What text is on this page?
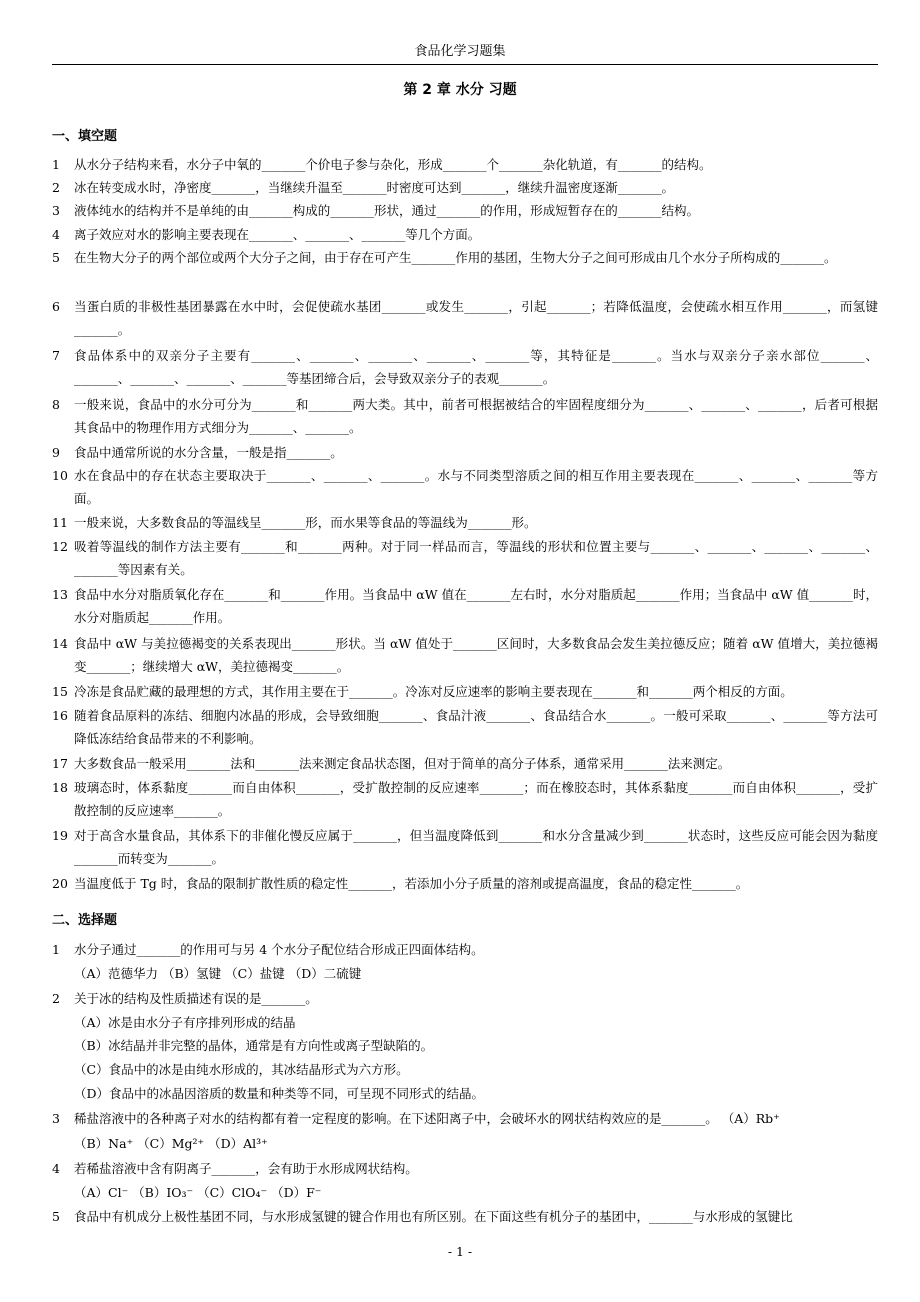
食品化学习题集
第 2 章 水分 习题
一、填空题
1	从水分子结构来看，水分子中氧的_______个价电子参与杂化，形成_______个_______杂化轨道，有_______的结构。
2	冰在转变成水时，净密度_______，当继续升温至_______时密度可达到_______，继续升温密度逐渐_______。
3	液体纯水的结构并不是单纯的由_______构成的_______形状，通过_______的作用，形成短暂存在的_______结构。
4	离子效应对水的影响主要表现在_______、_______、_______等几个方面。
5	在生物大分子的两个部位或两个大分子之间，由于存在可产生_______作用的基团，生物大分子之间可形成由几个水分子所构成的_______。
6	当蛋白质的非极性基团暴露在水中时，会促使疏水基团_______或发生_______，引起_______；若降低温度，会使疏水相互作用_______，而氢键_______。
7	食品体系中的双亲分子主要有_______、_______、_______、_______、_______等，其特征是_______。当水与双亲分子亲水部位_______、_______、_______、_______、_______等基团缔合后，会导致双亲分子的表观_______。
8	一般来说，食品中的水分可分为_______和_______两大类。其中，前者可根据被结合的牢固程度细分为_______、_______、_______，后者可根据其食品中的物理作用方式细分为_______、_______。
9	食品中通常所说的水分含量，一般是指_______。
10 水在食品中的存在状态主要取决于_______、_______、_______。水与不同类型溶质之间的相互作用主要表现在_______、_______、_______等方面。
11 一般来说，大多数食品的等温线呈_______形，而水果等食品的等温线为_______形。
12 吸着等温线的制作方法主要有_______和_______两种。对于同一样品而言，等温线的形状和位置主要与_______、_______、_______、_______、_______等因素有关。
13 食品中水分对脂质氧化存在_______和_______作用。当食品中 αW 值在_______左右时，水分对脂质起_______作用；当食品中 αW 值_______时，水分对脂质起_______作用。
14 食品中 αW 与美拉德褐变的关系表现出_______形状。当 αW 值处于_______区间时，大多数食品会发生美拉德反应；随着 αW 值增大，美拉德褐变_______；继续增大 αW，美拉德褐变_______。
15 冷冻是食品贮藏的最理想的方式，其作用主要在于_______。冷冻对反应速率的影响主要表现在_______和_______两个相反的方面。
16 随着食品原料的冻结、细胞内冰晶的形成，会导致细胞_______、食品汁液_______、食品结合水_______。一般可采取_______、_______等方法可降低冻结给食品带来的不利影响。
17 大多数食品一般采用_______法和_______法来测定食品状态图，但对于简单的高分子体系，通常采用_______法来测定。
18 玻璃态时，体系黏度_______而自由体积_______，受扩散控制的反应速率_______；而在橡胶态时，其体系黏度_______而自由体积_______，受扩散控制的反应速率_______。
19 对于高含水量食品，其体系下的非催化慢反应属于_______，但当温度降低到_______和水分含量减少到_______状态时，这些反应可能会因为黏度_______而转变为_______。
20 当温度低于 Tg 时，食品的限制扩散性质的稳定性_______，若添加小分子质量的溶剂或提高温度，食品的稳定性_______。
二、选择题
1	水分子通过_______的作用可与另 4 个水分子配位结合形成正四面体结构。
（A）范德华力 （B）氢键 （C）盐键 （D）二硫键
2	关于冰的结构及性质描述有误的是_______。
（A）冰是由水分子有序排列形成的结晶
（B）冰结晶并非完整的晶体，通常是有方向性或离子型缺陷的。
（C）食品中的冰是由纯水形成的，其冰结晶形式为六方形。
（D）食品中的冰晶因溶质的数量和种类等不同，可呈现不同形式的结晶。
3	稀盐溶液中的各种离子对水的结构都有着一定程度的影响。在下述阳离子中，会破坏水的网状结构效应的是_______。 （A）Rb⁺
（B）Na⁺ （C）Mg²⁺ （D）Al³⁺
4	若稀盐溶液中含有阴离子_______，会有助于水形成网状结构。
（A）Cl⁻ （B）IO₃⁻ （C）ClO₄⁻ （D）F⁻
5	食品中有机成分上极性基团不同，与水形成氢键的键合作用也有所区别。在下面这些有机分子的基团中，_______与水形成的氢键比
- 1 -
